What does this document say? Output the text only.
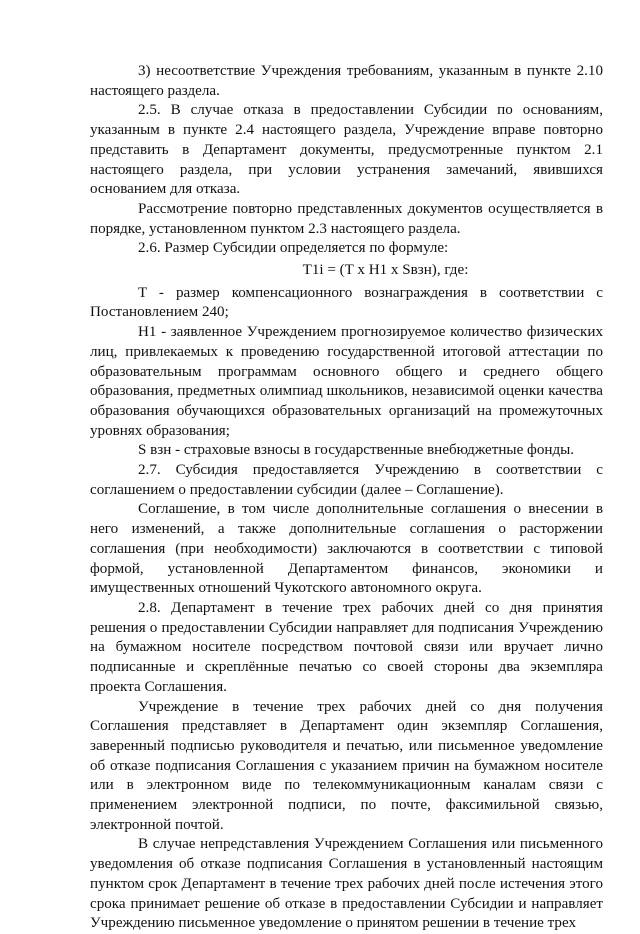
3) несоответствие Учреждения требованиям, указанным в пункте 2.10 настоящего раздела.

2.5. В случае отказа в предоставлении Субсидии по основаниям, указанным в пункте 2.4 настоящего раздела, Учреждение вправе повторно представить в Департамент документы, предусмотренные пунктом 2.1 настоящего раздела, при условии устранения замечаний, явившихся основанием для отказа.

Рассмотрение повторно представленных документов осуществляется в порядке, установленном пунктом 2.3 настоящего раздела.

2.6. Размер Субсидии определяется по формуле:

T1i = (T x H1 x Sвзн), где:

T - размер компенсационного вознаграждения в соответствии с Постановлением 240;

H1 - заявленное Учреждением прогнозируемое количество физических лиц, привлекаемых к проведению государственной итоговой аттестации по образовательным программам основного общего и среднего общего образования, предметных олимпиад школьников, независимой оценки качества образования обучающихся образовательных организаций на промежуточных уровнях образования;

S взн - страховые взносы в государственные внебюджетные фонды.

2.7. Субсидия предоставляется Учреждению в соответствии с соглашением о предоставлении субсидии (далее – Соглашение).

Соглашение, в том числе дополнительные соглашения о внесении в него изменений, а также дополнительные соглашения о расторжении соглашения (при необходимости) заключаются в соответствии с типовой формой, установленной Департаментом финансов, экономики и имущественных отношений Чукотского автономного округа.

2.8. Департамент в течение трех рабочих дней со дня принятия решения о предоставлении Субсидии направляет для подписания Учреждению на бумажном носителе посредством почтовой связи или вручает лично подписанные и скреплённые печатью со своей стороны два экземпляра проекта Соглашения.

Учреждение в течение трех рабочих дней со дня получения Соглашения представляет в Департамент один экземпляр Соглашения, заверенный подписью руководителя и печатью, или письменное уведомление об отказе подписания Соглашения с указанием причин на бумажном носителе или в электронном виде по телекоммуникационным каналам связи с применением электронной подписи, по почте, факсимильной связью, электронной почтой.

В случае непредставления Учреждением Соглашения или письменного уведомления об отказе подписания Соглашения в установленный настоящим пунктом срок Департамент в течение трех рабочих дней после истечения этого срока принимает решение об отказе в предоставлении Субсидии и направляет Учреждению письменное уведомление о принятом решении в течение трех
